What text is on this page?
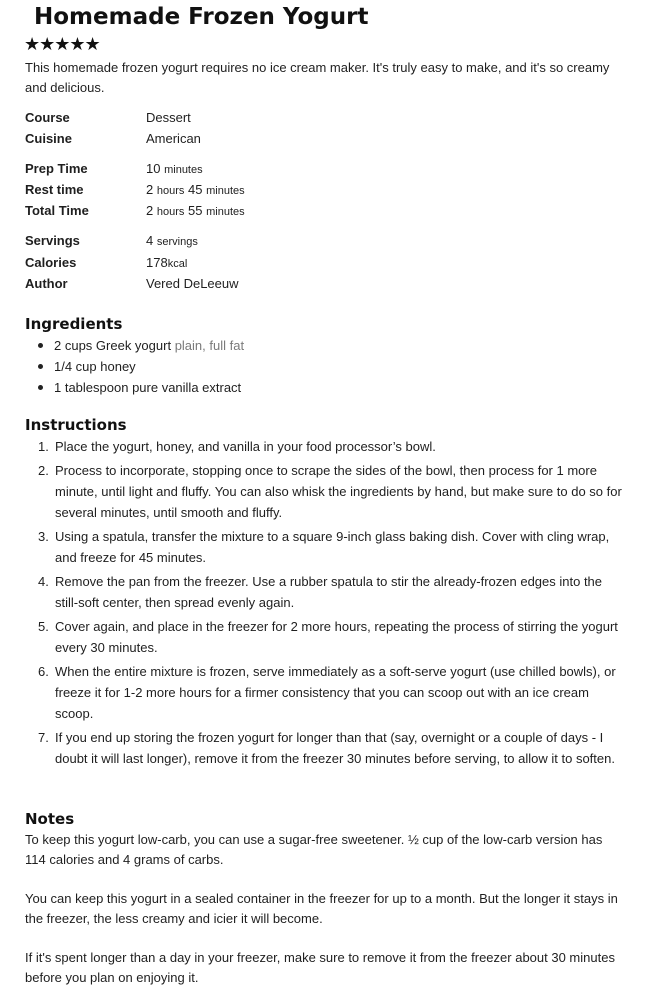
Homemade Frozen Yogurt
★★★★★
This homemade frozen yogurt requires no ice cream maker. It's truly easy to make, and it's so creamy and delicious.
Course	Dessert
Cuisine	American
Prep Time	10 minutes
Rest time	2 hours 45 minutes
Total Time	2 hours 55 minutes
Servings	4 servings
Calories	178kcal
Author	Vered DeLeeuw
Ingredients
2 cups Greek yogurt plain, full fat
1/4 cup honey
1 tablespoon pure vanilla extract
Instructions
1. Place the yogurt, honey, and vanilla in your food processor’s bowl.
2. Process to incorporate, stopping once to scrape the sides of the bowl, then process for 1 more minute, until light and fluffy. You can also whisk the ingredients by hand, but make sure to do so for several minutes, until smooth and fluffy.
3. Using a spatula, transfer the mixture to a square 9-inch glass baking dish. Cover with cling wrap, and freeze for 45 minutes.
4. Remove the pan from the freezer. Use a rubber spatula to stir the already-frozen edges into the still-soft center, then spread evenly again.
5. Cover again, and place in the freezer for 2 more hours, repeating the process of stirring the yogurt every 30 minutes.
6. When the entire mixture is frozen, serve immediately as a soft-serve yogurt (use chilled bowls), or freeze it for 1-2 more hours for a firmer consistency that you can scoop out with an ice cream scoop.
7. If you end up storing the frozen yogurt for longer than that (say, overnight or a couple of days - I doubt it will last longer), remove it from the freezer 30 minutes before serving, to allow it to soften.
Notes

To keep this yogurt low-carb, you can use a sugar-free sweetener. ½ cup of the low-carb version has 114 calories and 4 grams of carbs.

You can keep this yogurt in a sealed container in the freezer for up to a month. But the longer it stays in the freezer, the less creamy and icier it will become.

If it's spent longer than a day in your freezer, make sure to remove it from the freezer about 30 minutes before you plan on enjoying it.
